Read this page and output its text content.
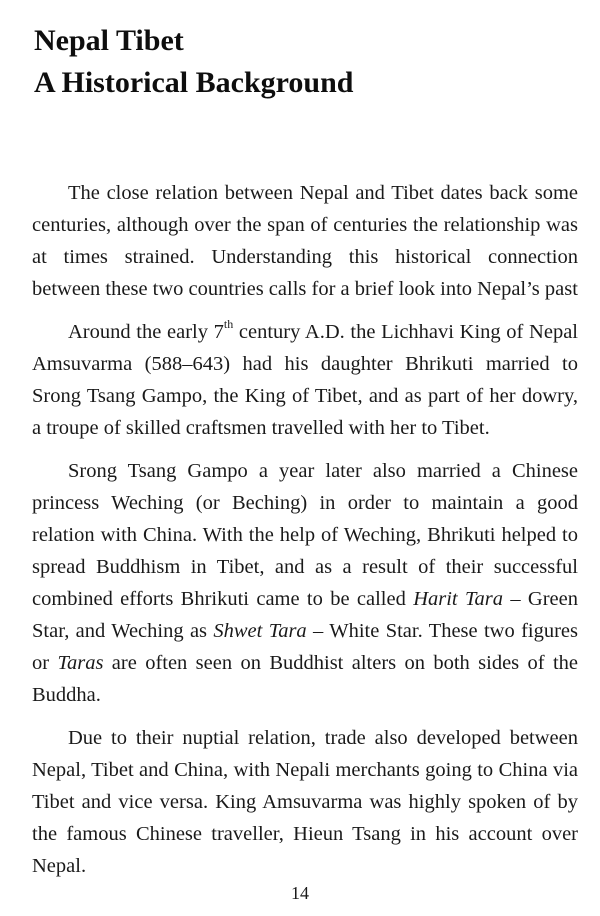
Nepal Tibet
A Historical Background

The close relation between Nepal and Tibet dates back some centuries, although over the span of centuries the relationship was at times strained. Understanding this historical connection between these two countries calls for a brief look into Nepal’s past

Around the early 7th century A.D. the Lichhavi King of Nepal Amsuvarma (588–643) had his daughter Bhrikuti married to Srong Tsang Gampo, the King of Tibet, and as part of her dowry, a troupe of skilled craftsmen travelled with her to Tibet.

Srong Tsang Gampo a year later also married a Chinese princess Weching (or Beching) in order to maintain a good relation with China. With the help of Weching, Bhrikuti helped to spread Buddhism in Tibet, and as a result of their successful combined efforts Bhrikuti came to be called Harit Tara – Green Star, and Weching as Shwet Tara – White Star. These two figures or Taras are often seen on Buddhist alters on both sides of the Buddha.

Due to their nuptial relation, trade also developed between Nepal, Tibet and China, with Nepali merchants going to China via Tibet and vice versa. King Amsuvarma was highly spoken of by the famous Chinese traveller, Hieun Tsang in his account over Nepal.

14
